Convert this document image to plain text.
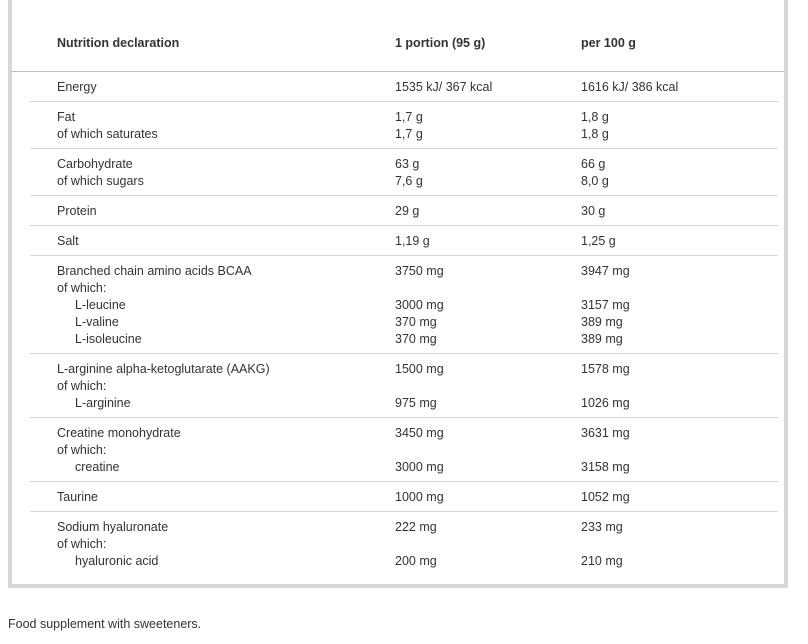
Nutrition declaration	1 portion (95 g)	per 100 g
Energy	1535 kJ/ 367 kcal	1616 kJ/ 386 kcal
Fat	1,7 g	1,8 g
of which saturates	1,7 g	1,8 g
Carbohydrate	63 g	66 g
of which sugars	7,6 g	8,0 g
Protein	29 g	30 g
Salt	1,19 g	1,25 g
Branched chain amino acids BCAA	3750 mg	3947 mg
of which:
L-leucine	3000 mg	3157 mg
L-valine	370 mg	389 mg
L-isoleucine	370 mg	389 mg
L-arginine alpha-ketoglutarate (AAKG)	1500 mg	1578 mg
of which:
L-arginine	975 mg	1026 mg
Creatine monohydrate	3450 mg	3631 mg
of which:
creatine	3000 mg	3158 mg
Taurine	1000 mg	1052 mg
Sodium hyaluronate	222 mg	233 mg
of which:
hyaluronic acid	200 mg	210 mg
Food supplement with sweeteners.
